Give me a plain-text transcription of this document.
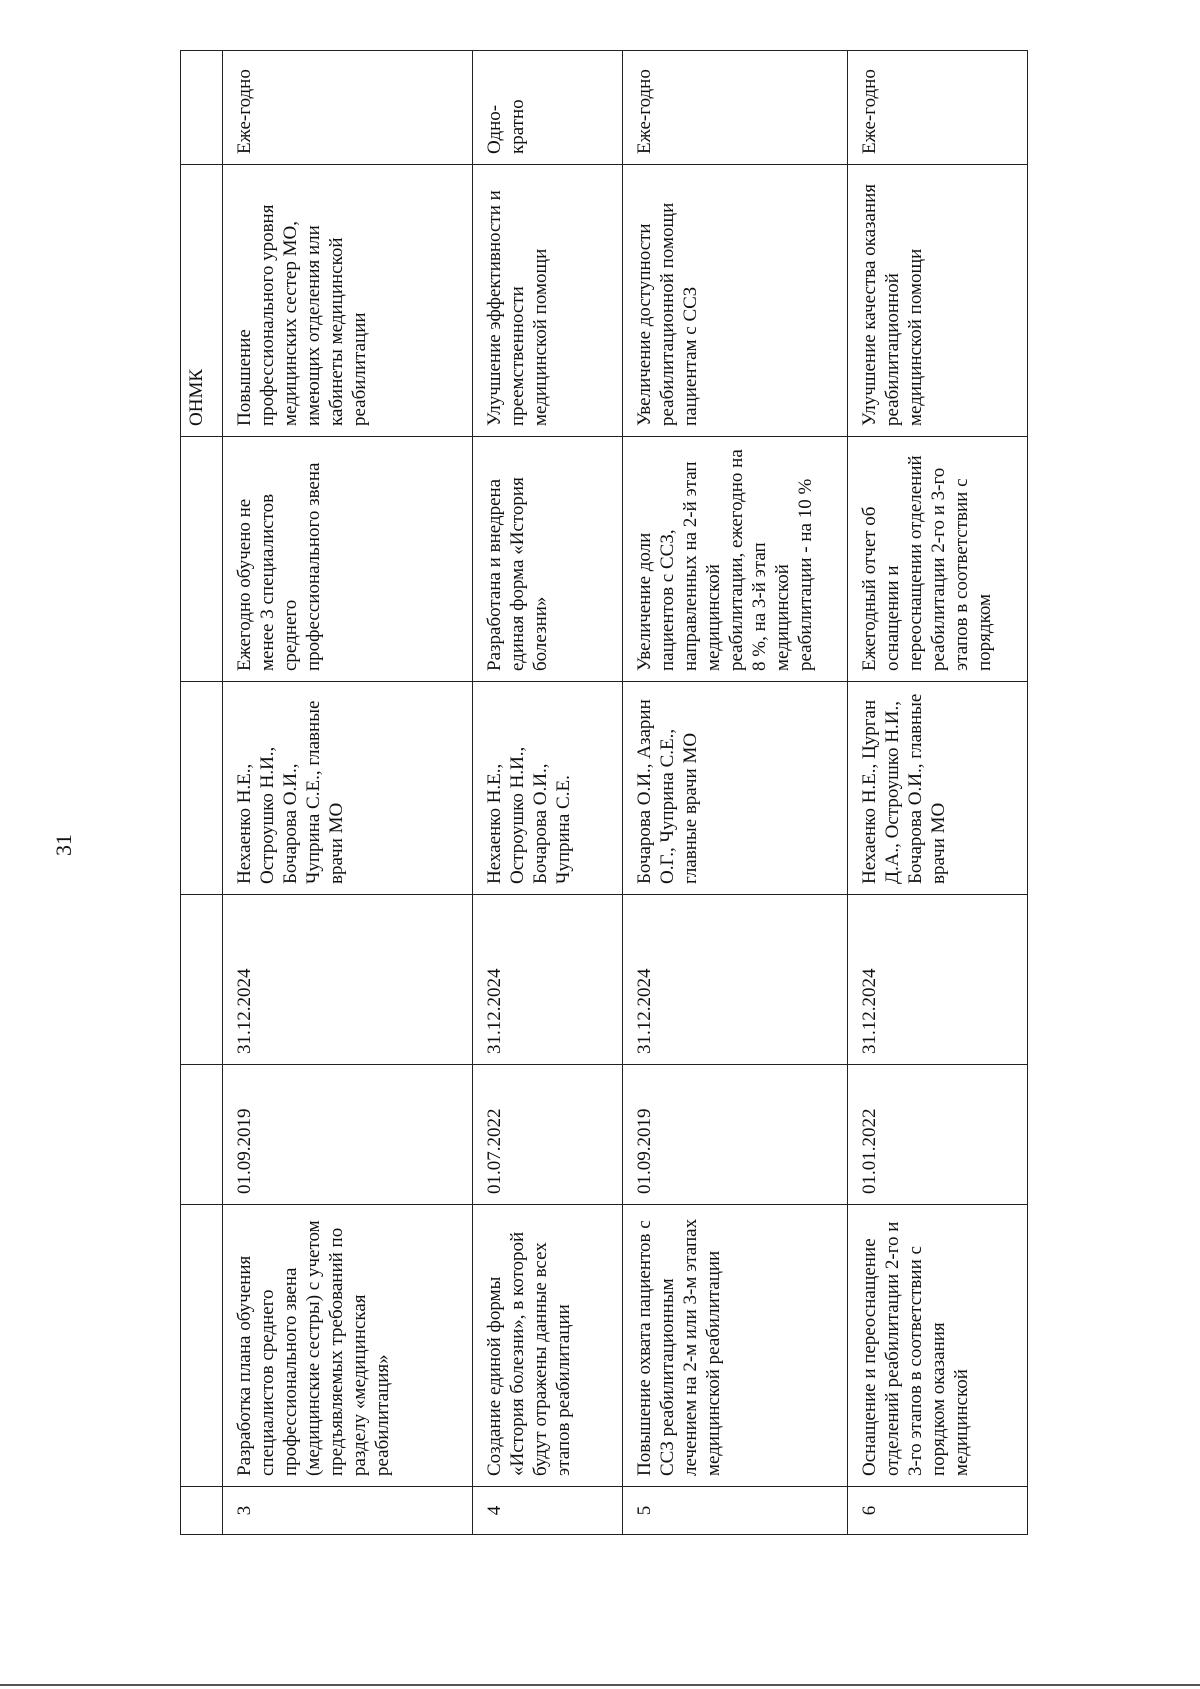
31
						ОНМК	
3	Разработка плана обучения специалистов среднего профессионального звена (медицинские сестры) с учетом предъявляемых требований по разделу «медицинская реабилитация»	01.09.2019	31.12.2024	Нехаенко Н.Е., Остроушко Н.И., Бочарова О.И., Чуприна С.Е., главные врачи МО	Ежегодно обучено не менее 3 специалистов среднего профессионального звена	Повышение профессионального уровня медицинских сестер МО, имеющих отделения или кабинеты медицинской реабилитации	Еже-годно
4	Создание единой формы «История болезни», в которой будут отражены данные всех этапов реабилитации	01.07.2022	31.12.2024	Нехаенко Н.Е., Остроушко Н.И., Бочарова О.И., Чуприна С.Е.	Разработана и внедрена единая форма «История болезни»	Улучшение эффективности и преемственности медицинской помощи	Одно-кратно
5	Повышение охвата пациентов с ССЗ реабилитационным лечением на 2-м или 3-м этапах медицинской реабилитации	01.09.2019	31.12.2024	Бочарова О.И., Азарин О.Г., Чуприна С.Е., главные врачи МО	Увеличение доли пациентов с ССЗ, направленных на 2-й этап медицинской реабилитации, ежегодно на 8 %, на 3-й этап медицинской реабилитации - на 10 %	Увеличение доступности реабилитационной помощи пациентам с ССЗ	Еже-годно
6	Оснащение и переоснащение отделений реабилитации 2-го и 3-го этапов в соответствии с порядком оказания медицинской	01.01.2022	31.12.2024	Нехаенко Н.Е., Цурган Д.А., Остроушко Н.И., Бочарова О.И., главные врачи МО	Ежегодный отчет об оснащении и переоснащении отделений реабилитации 2-го и 3-го этапов в соответствии с порядком	Улучшение качества оказания реабилитационной медицинской помощи	Еже-годно
